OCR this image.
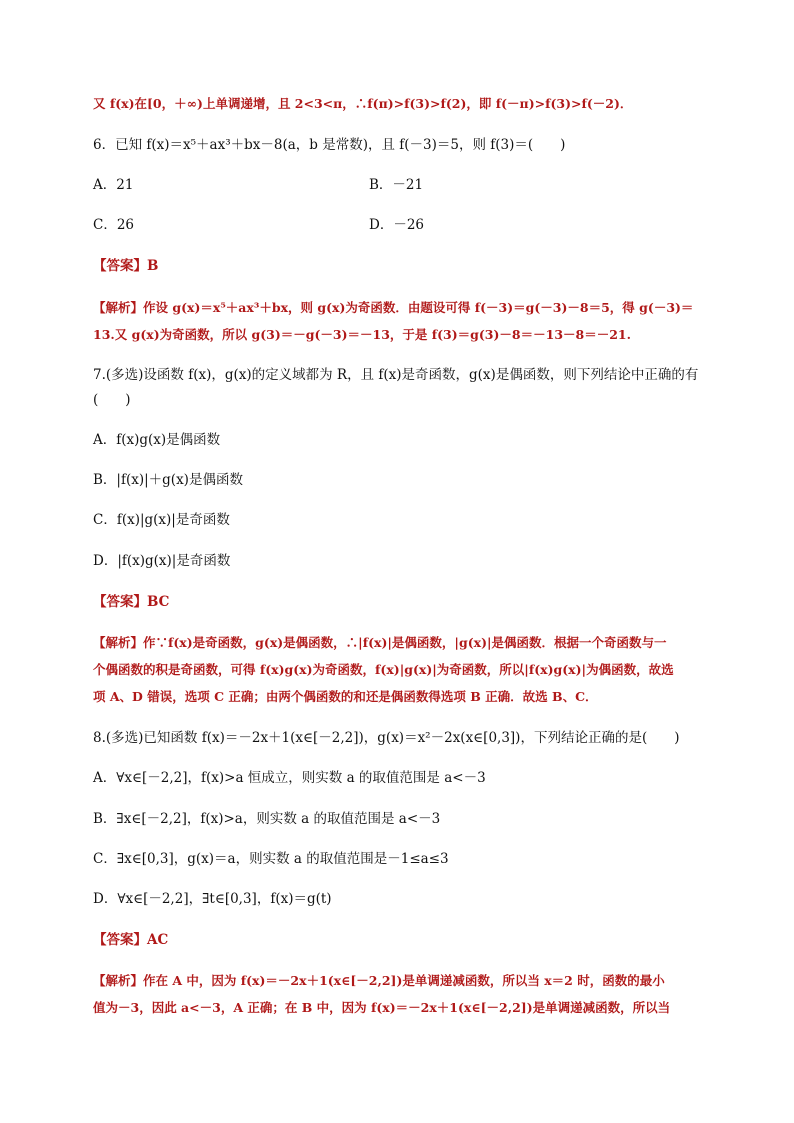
又 f(x)在[0，＋∞)上单调递增，且 2<3<π，∴f(π)>f(3)>f(2)，即 f(－π)>f(3)>f(－2)．
6．已知 f(x)＝x⁵＋ax³＋bx－8(a，b 是常数)，且 f(－3)＝5，则 f(3)＝(　　)
A．21	B．－21
C．26	D．－26
【答案】B
【解析】作设 g(x)＝x⁵＋ax³＋bx，则 g(x)为奇函数．由题设可得 f(－3)＝g(－3)－8＝5，得 g(－3)＝
13.又 g(x)为奇函数，所以 g(3)＝－g(－3)＝－13，于是 f(3)＝g(3)－8＝－13－8＝－21.
7.(多选)设函数 f(x)，g(x)的定义域都为 R，且 f(x)是奇函数，g(x)是偶函数，则下列结论中正确的有
(　　)
A．f(x)g(x)是偶函数
B．|f(x)|＋g(x)是偶函数
C．f(x)|g(x)|是奇函数
D．|f(x)g(x)|是奇函数
【答案】BC
【解析】作∵f(x)是奇函数，g(x)是偶函数，∴|f(x)|是偶函数，|g(x)|是偶函数．根据一个奇函数与一
个偶函数的积是奇函数，可得 f(x)g(x)为奇函数，f(x)|g(x)|为奇函数，所以|f(x)g(x)|为偶函数，故选
项 A、D 错误，选项 C 正确；由两个偶函数的和还是偶函数得选项 B 正确．故选 B、C．
8.(多选)已知函数 f(x)＝－2x＋1(x∈[－2,2])，g(x)＝x²－2x(x∈[0,3])，下列结论正确的是(　　)
A．∀x∈[－2,2]，f(x)>a 恒成立，则实数 a 的取值范围是 a<－3
B．∃x∈[－2,2]，f(x)>a，则实数 a 的取值范围是 a<－3
C．∃x∈[0,3]，g(x)＝a，则实数 a 的取值范围是－1≤a≤3
D．∀x∈[－2,2]，∃t∈[0,3]，f(x)＝g(t)
【答案】AC
【解析】作在 A 中，因为 f(x)＝－2x＋1(x∈[－2,2])是单调递减函数，所以当 x＝2 时，函数的最小
值为－3，因此 a<－3，A 正确；在 B 中，因为 f(x)＝－2x＋1(x∈[－2,2])是单调递减函数，所以当
